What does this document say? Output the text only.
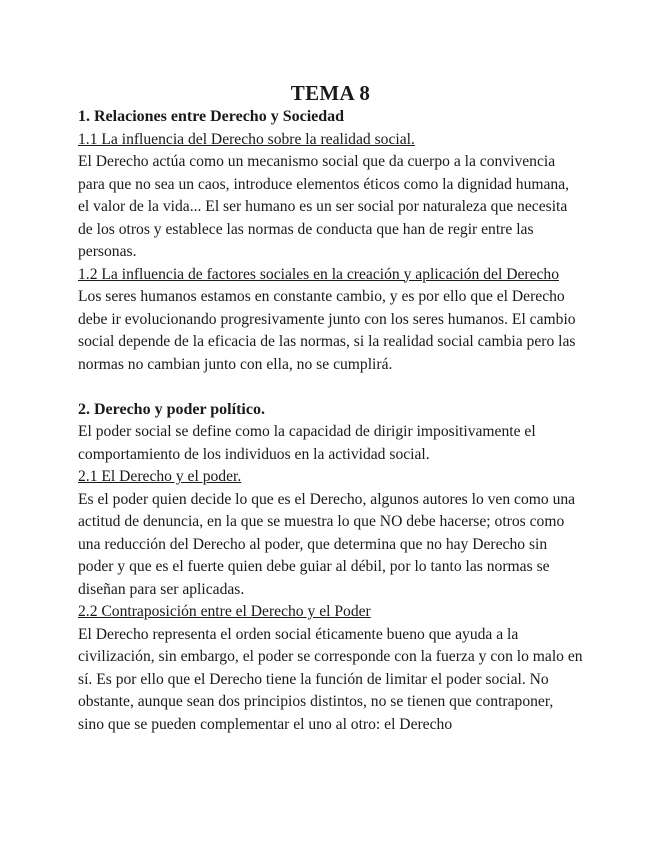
TEMA 8

1. Relaciones entre Derecho y Sociedad

1.1 La influencia del Derecho sobre la realidad social.

El Derecho actúa como un mecanismo social que da cuerpo a la convivencia para que no sea un caos, introduce elementos éticos como la dignidad humana, el valor de la vida... El ser humano es un ser social por naturaleza que necesita de los otros y establece las normas de conducta que han de regir entre las personas.

1.2 La influencia de factores sociales en la creación y aplicación del Derecho

Los seres humanos estamos en constante cambio, y es por ello que el Derecho debe ir evolucionando progresivamente junto con los seres humanos. El cambio social depende de la eficacia de las normas, si la realidad social cambia pero las normas no cambian junto con ella, no se cumplirá.

2. Derecho y poder político.

El poder social se define como la capacidad de dirigir impositivamente el comportamiento de los individuos en la actividad social.

2.1 El Derecho y el poder.

Es el poder quien decide lo que es el Derecho, algunos autores lo ven como una actitud de denuncia, en la que se muestra lo que NO debe hacerse; otros como una reducción del Derecho al poder, que determina que no hay Derecho sin poder y que es el fuerte quien debe guiar al débil, por lo tanto las normas se diseñan para ser aplicadas.

2.2 Contraposición entre el Derecho y el Poder

El Derecho representa el orden social éticamente bueno que ayuda a la civilización, sin embargo, el poder se corresponde con la fuerza y con lo malo en sí. Es por ello que el Derecho tiene la función de limitar el poder social. No obstante, aunque sean dos principios distintos, no se tienen que contraponer, sino que se pueden complementar el uno al otro: el Derecho
